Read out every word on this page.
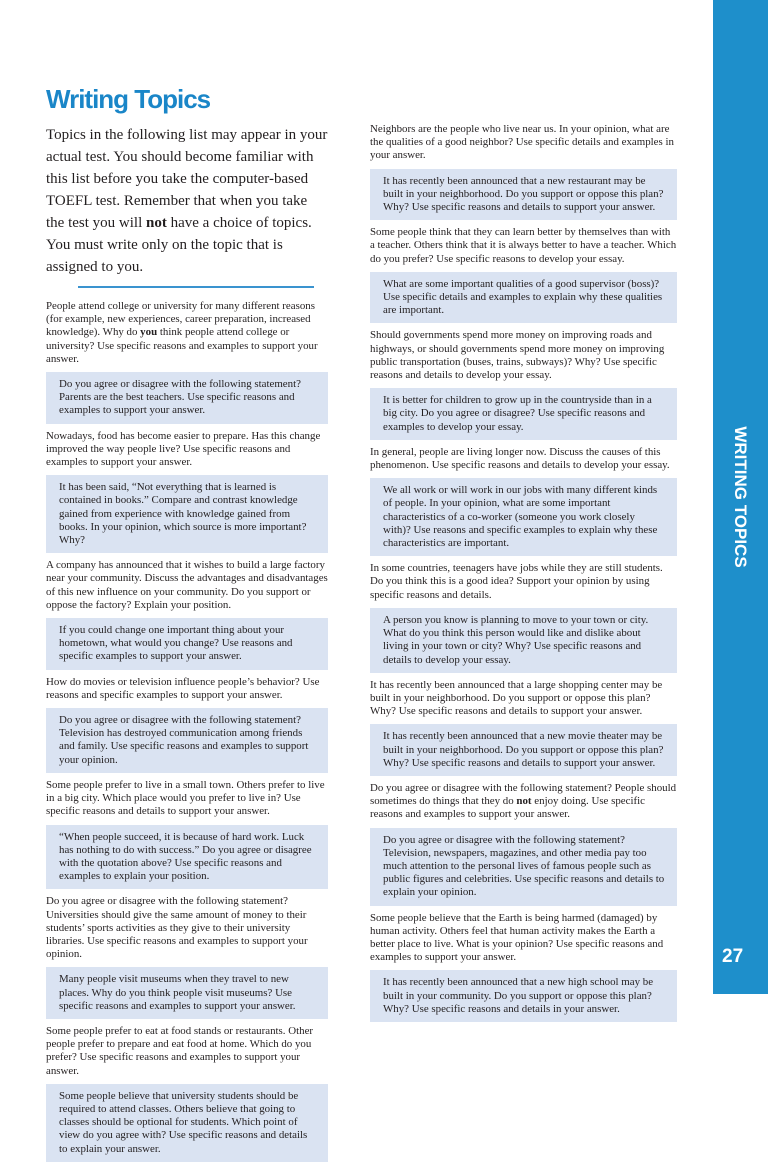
WRITING TOPICS
27
Writing Topics

Topics in the following list may appear in your actual test. You should become familiar with this list before you take the computer-based TOEFL test. Remember that when you take the test you will not have a choice of topics. You must write only on the topic that is assigned to you.

People attend college or university for many different reasons (for example, new experiences, career preparation, increased knowledge). Why do you think people attend college or university? Use specific reasons and examples to support your answer.

Do you agree or disagree with the following statement? Parents are the best teachers. Use specific reasons and examples to support your answer.

Nowadays, food has become easier to prepare. Has this change improved the way people live? Use specific reasons and examples to support your answer.

It has been said, “Not everything that is learned is contained in books.” Compare and contrast knowledge gained from experience with knowledge gained from books. In your opinion, which source is more important? Why?

A company has announced that it wishes to build a large factory near your community. Discuss the advantages and disadvantages of this new influence on your community. Do you support or oppose the factory? Explain your position.

If you could change one important thing about your hometown, what would you change? Use reasons and specific examples to support your answer.

How do movies or television influence people’s behavior? Use reasons and specific examples to support your answer.

Do you agree or disagree with the following statement? Television has destroyed communication among friends and family. Use specific reasons and examples to support your opinion.

Some people prefer to live in a small town. Others prefer to live in a big city. Which place would you prefer to live in? Use specific reasons and details to support your answer.

“When people succeed, it is because of hard work. Luck has nothing to do with success.” Do you agree or disagree with the quotation above? Use specific reasons and examples to explain your position.

Do you agree or disagree with the following statement? Universities should give the same amount of money to their students’ sports activities as they give to their university libraries. Use specific reasons and examples to support your opinion.

Many people visit museums when they travel to new places. Why do you think people visit museums? Use specific reasons and examples to support your answer.

Some people prefer to eat at food stands or restaurants. Other people prefer to prepare and eat food at home. Which do you prefer? Use specific reasons and examples to support your answer.

Some people believe that university students should be required to attend classes. Others believe that going to classes should be optional for students. Which point of view do you agree with? Use specific reasons and details to explain your answer.

Neighbors are the people who live near us. In your opinion, what are the qualities of a good neighbor? Use specific details and examples in your answer.

It has recently been announced that a new restaurant may be built in your neighborhood. Do you support or oppose this plan? Why? Use specific reasons and details to support your answer.

Some people think that they can learn better by themselves than with a teacher. Others think that it is always better to have a teacher. Which do you prefer? Use specific reasons to develop your essay.

What are some important qualities of a good supervisor (boss)? Use specific details and examples to explain why these qualities are important.

Should governments spend more money on improving roads and highways, or should governments spend more money on improving public transportation (buses, trains, subways)? Why? Use specific reasons and details to develop your essay.

It is better for children to grow up in the countryside than in a big city. Do you agree or disagree? Use specific reasons and examples to develop your essay.

In general, people are living longer now. Discuss the causes of this phenomenon. Use specific reasons and details to develop your essay.

We all work or will work in our jobs with many different kinds of people. In your opinion, what are some important characteristics of a co-worker (someone you work closely with)? Use reasons and specific examples to explain why these characteristics are important.

In some countries, teenagers have jobs while they are still students. Do you think this is a good idea? Support your opinion by using specific reasons and details.

A person you know is planning to move to your town or city. What do you think this person would like and dislike about living in your town or city? Why? Use specific reasons and details to develop your essay.

It has recently been announced that a large shopping center may be built in your neighborhood. Do you support or oppose this plan? Why? Use specific reasons and details to support your answer.

It has recently been announced that a new movie theater may be built in your neighborhood. Do you support or oppose this plan? Why? Use specific reasons and details to support your answer.

Do you agree or disagree with the following statement? People should sometimes do things that they do not enjoy doing. Use specific reasons and examples to support your answer.

Do you agree or disagree with the following statement? Television, newspapers, magazines, and other media pay too much attention to the personal lives of famous people such as public figures and celebrities. Use specific reasons and details to explain your opinion.

Some people believe that the Earth is being harmed (damaged) by human activity. Others feel that human activity makes the Earth a better place to live. What is your opinion? Use specific reasons and examples to support your answer.

It has recently been announced that a new high school may be built in your community. Do you support or oppose this plan? Why? Use specific reasons and details in your answer.
